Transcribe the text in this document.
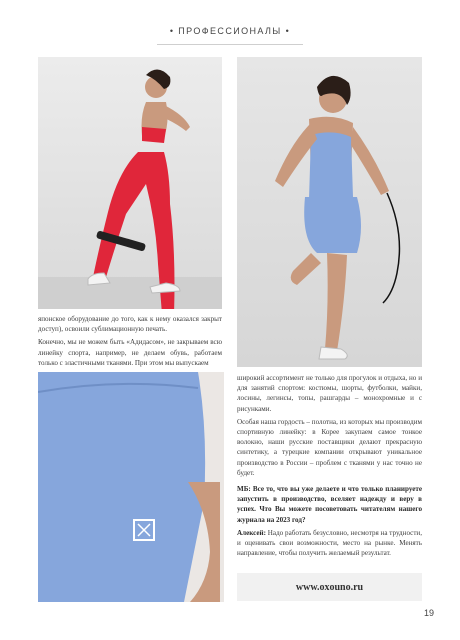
• ПРОФЕССИОНАЛЫ •

японское оборудование до того, как к нему оказался закрыт доступ), освоили сублимационную печать.

Конечно, мы не можем быть «Адидасом», не закрываем всю линейку спорта, например, не делаем обувь, работаем только с эластичными тканями. При этом мы выпускаем

широкий ассортимент не только для прогулок и отдыха, но и для занятий спортом: костюмы, шорты, футболки, майки, лосины, легинсы, топы, рашгарды – монохромные и с рисунками.

Особая наша гордость – полотна, из которых мы производим спортивную линейку: в Корее закупаем самое тонкое волокно, наши русские поставщики делают прекрасную синтетику, а турецкие компании открывают уникальное производство в России – проблем с тканями у нас точно не будет.

МБ: Все то, что вы уже делаете и что только планируете запустить в производство, вселяет надежду и веру в успех. Что Вы можете посоветовать читателям нашего журнала на 2023 год?

Алексей: Надо работать безусловно, несмотря на трудности, и оценивать свои возможности, место на рынке. Менять направление, чтобы получить желаемый результат.

www.oxouno.ru
19
